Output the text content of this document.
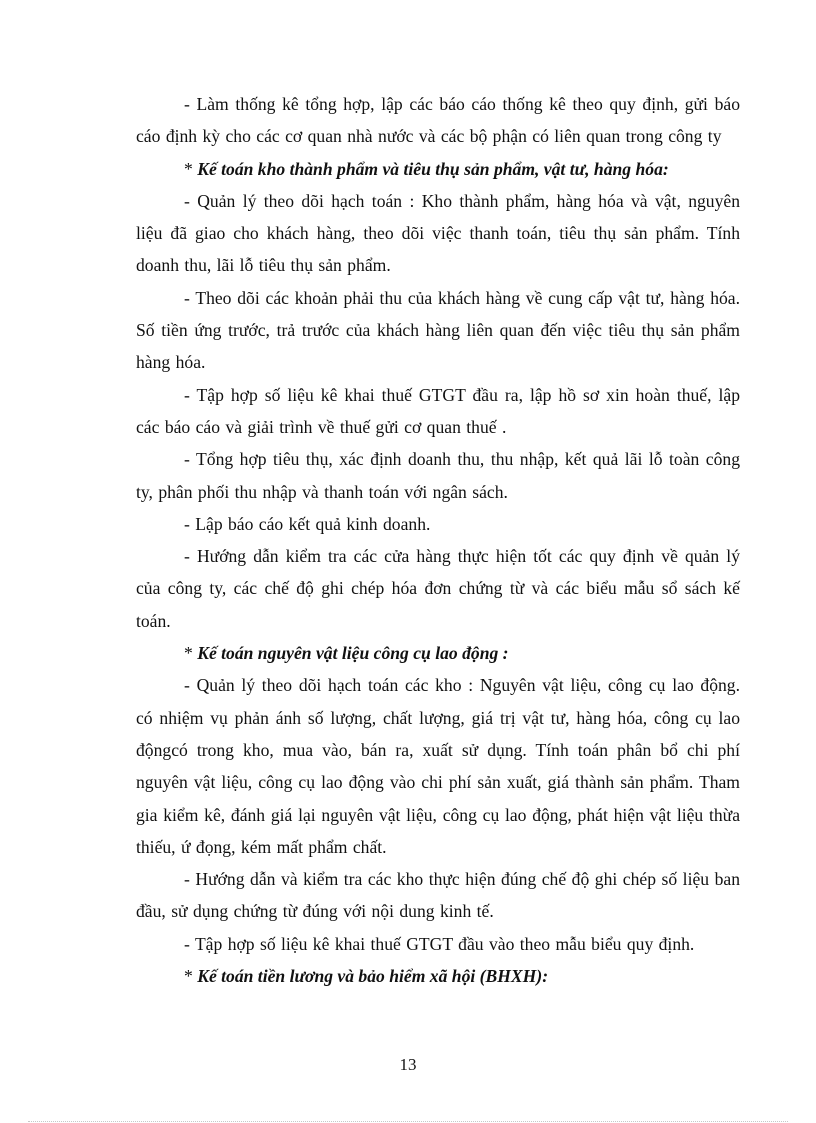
- Làm thống kê tổng hợp, lập các báo cáo thống kê theo quy định, gửi báo cáo định kỳ cho các cơ quan nhà nước và các bộ phận có liên quan trong công ty

* Kế toán kho thành phẩm và tiêu thụ sản phẩm, vật tư, hàng hóa:

- Quản lý theo dõi hạch toán : Kho thành phẩm, hàng hóa và vật, nguyên liệu đã giao cho khách hàng, theo dõi việc thanh toán, tiêu thụ sản phẩm. Tính doanh thu, lãi lỗ tiêu thụ sản phẩm.

- Theo dõi các khoản phải thu của khách hàng về cung cấp vật tư, hàng hóa. Số tiền ứng trước, trả trước của khách hàng liên quan đến việc tiêu thụ sản phẩm hàng hóa.

- Tập hợp số liệu kê khai thuế GTGT đầu ra, lập hồ sơ xin hoàn thuế, lập các báo cáo và giải trình về thuế gửi cơ quan thuế .

- Tổng hợp tiêu thụ, xác định doanh thu, thu nhập, kết quả lãi lỗ toàn công ty, phân phối thu nhập và thanh toán với ngân sách.

- Lập báo cáo kết quả kinh doanh.

- Hướng dẫn kiểm tra các cửa hàng thực hiện tốt các quy định về quản lý của công ty, các chế độ ghi chép hóa đơn chứng từ và các biểu mẫu sổ sách kế toán.

* Kế toán nguyên vật liệu công cụ lao động :

- Quản lý theo dõi hạch toán các kho : Nguyên vật liệu, công cụ lao động. có nhiệm vụ phản ánh số lượng, chất lượng, giá trị vật tư, hàng hóa, công cụ lao độngcó trong kho, mua vào, bán ra, xuất sử dụng. Tính toán phân bổ chi phí nguyên vật liệu, công cụ lao động vào chi phí sản xuất, giá thành sản phẩm. Tham gia kiểm kê, đánh giá lại nguyên vật liệu, công cụ lao động, phát hiện vật liệu thừa thiếu, ứ đọng, kém mất phẩm chất.

- Hướng dẫn và kiểm tra các kho thực hiện đúng chế độ ghi chép số liệu ban đầu, sử dụng chứng từ đúng với nội dung kinh tế.

- Tập hợp số liệu kê khai thuế GTGT đầu vào theo mẫu biểu quy định.

* Kế toán tiền lương và bảo hiểm xã hội (BHXH):

13
